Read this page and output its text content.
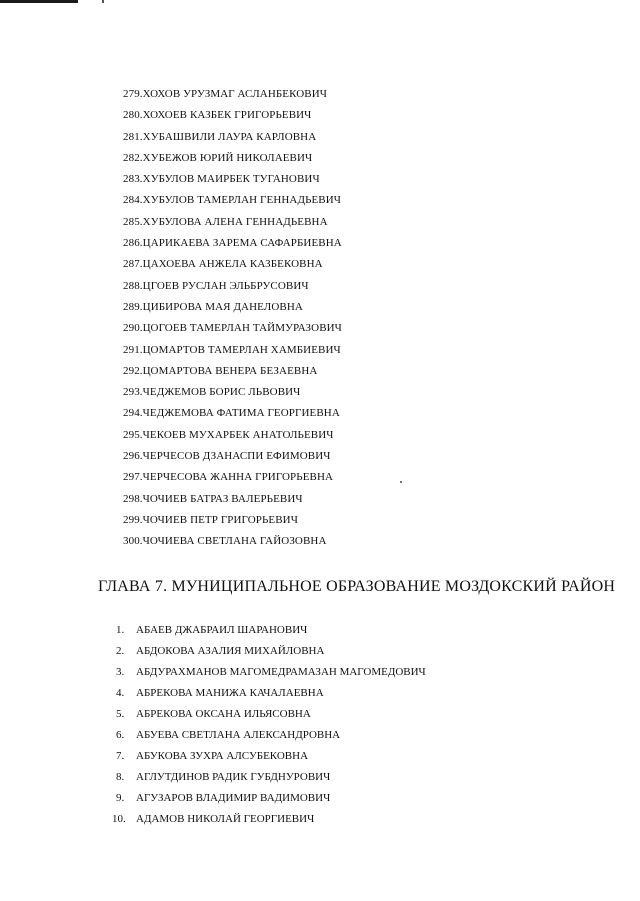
279.ХОХОВ УРУЗМАГ АСЛАНБЕКОВИЧ
280.ХОХОЕВ КАЗБЕК ГРИГОРЬЕВИЧ
281.ХУБАШВИЛИ ЛАУРА КАРЛОВНА
282.ХУБЕЖОВ ЮРИЙ НИКОЛАЕВИЧ
283.ХУБУЛОВ МАИРБЕК ТУГАНОВИЧ
284.ХУБУЛОВ ТАМЕРЛАН ГЕННАДЬЕВИЧ
285.ХУБУЛОВА АЛЕНА ГЕННАДЬЕВНА
286.ЦАРИКАЕВА ЗАРЕМА САФАРБИЕВНА
287.ЦАХОЕВА АНЖЕЛА КАЗБЕКОВНА
288.ЦГОЕВ РУСЛАН ЭЛЬБРУСОВИЧ
289.ЦИБИРОВА МАЯ ДАНЕЛОВНА
290.ЦОГОЕВ ТАМЕРЛАН ТАЙМУРАЗОВИЧ
291.ЦОМАРТОВ ТАМЕРЛАН ХАМБИЕВИЧ
292.ЦОМАРТОВА ВЕНЕРА БЕЗАЕВНА
293.ЧЕДЖЕМОВ БОРИС ЛЬВОВИЧ
294.ЧЕДЖЕМОВА ФАТИМА ГЕОРГИЕВНА
295.ЧЕКОЕВ МУХАРБЕК АНАТОЛЬЕВИЧ
296.ЧЕРЧЕСОВ ДЗАНАСПИ ЕФИМОВИЧ
297.ЧЕРЧЕСОВА ЖАННА ГРИГОРЬЕВНА
298.ЧОЧИЕВ БАТРАЗ ВАЛЕРЬЕВИЧ
299.ЧОЧИЕВ ПЕТР ГРИГОРЬЕВИЧ
300.ЧОЧИЕВА СВЕТЛАНА ГАЙОЗОВНА
ГЛАВА 7. МУНИЦИПАЛЬНОЕ ОБРАЗОВАНИЕ МОЗДОКСКИЙ РАЙОН
1. АБАЕВ ДЖАБРАИЛ ШАРАНОВИЧ
2. АБДОКОВА АЗАЛИЯ МИХАЙЛОВНА
3. АБДУРАХМАНОВ МАГОМЕДРАМАЗАН МАГОМЕДОВИЧ
4. АБРЕКОВА МАНИЖА КАЧАЛАЕВНА
5. АБРЕКОВА ОКСАНА ИЛЬЯСОВНА
6. АБУЕВА СВЕТЛАНА АЛЕКСАНДРОВНА
7. АБУКОВА ЗУХРА АЛСУБЕКОВНА
8. АГЛУТДИНОВ РАДИК ГУБДНУРОВИЧ
9. АГУЗАРОВ ВЛАДИМИР ВАДИМОВИЧ
10. АДАМОВ НИКОЛАЙ ГЕОРГИЕВИЧ
